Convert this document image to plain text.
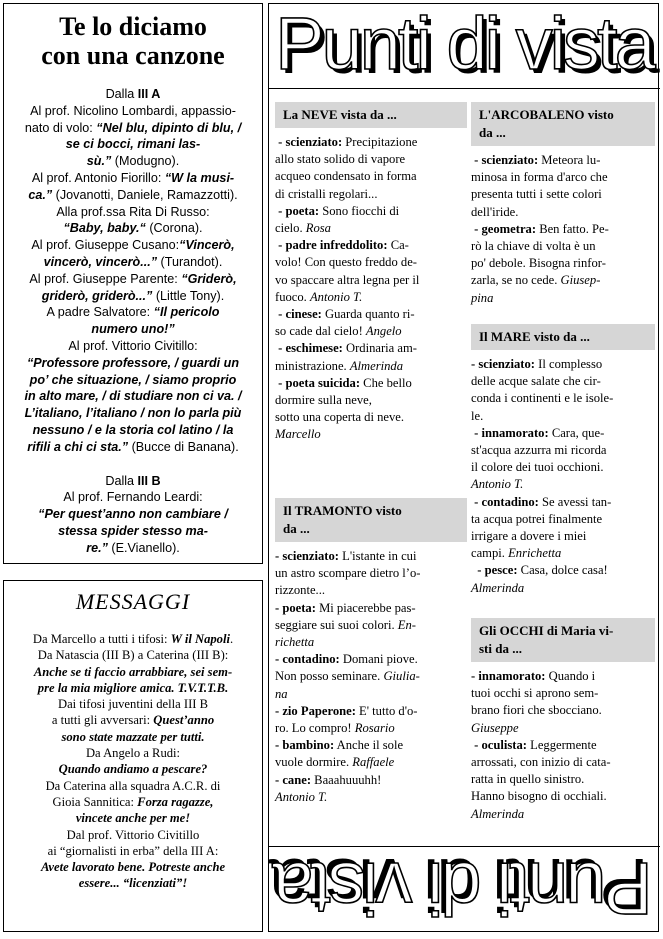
Te lo diciamo
con una canzone

Dalla III A

Al prof. Nicolino Lombardi, appassio-

nato di volo: “Nel blu, dipinto di blu, /

se ci bocci, rimani las-

sù.” (Modugno).

Al prof. Antonio Fiorillo: “W la musi-

ca.” (Jovanotti, Daniele, Ramazzotti).

Alla prof.ssa Rita Di Russo:

“Baby, baby.“ (Corona).

Al prof. Giuseppe Cusano:“Vincerò,

vincerò, vincerò...” (Turandot).

Al prof. Giuseppe Parente: “Griderò,

griderò, griderò...” (Little Tony).

A padre Salvatore: “Il pericolo

numero uno!”

Al prof. Vittorio Civitillo:

“Professore professore, / guardi un

po’ che situazione, / siamo proprio

in alto mare, / di studiare non ci va. /

L’italiano, l’italiano / non lo parla più

nessuno / e la storia col latino / la

rifili a chi ci sta.” (Bucce di Banana).

Dalla III B

Al prof. Fernando Leardi:

“Per quest’anno non cambiare /

stessa spider stesso ma-

re.” (E.Vianello).

MESSAGGI

Da Marcello a tutti i tifosi: W il Napoli.

Da Natascia (III B) a Caterina (III B):

Anche se ti faccio arrabbiare, sei sem-

pre la mia migliore amica. T.V.T.T.B.

Dai tifosi juventini della III B

a tutti gli avversari: Quest’anno

sono state mazzate per tutti.

Da Angelo a Rudi:

Quando andiamo a pescare?

Da Caterina alla squadra A.C.R. di

Gioia Sannitica: Forza ragazze,

vincete anche per me!

Dal prof. Vittorio Civitillo

ai “giornalisti in erba” della III A:

Avete lavorato bene. Potreste anche

essere... “licenziati”!

Punti di vista
Punti di vista
La NEVE vista da ...

- scienziato: Precipitazione

allo stato solido di vapore

acqueo condensato in forma

di cristalli regolari...

- poeta: Sono fiocchi di

cielo. Rosa

- padre infreddolito: Ca-

volo! Con questo freddo de-

vo spaccare altra legna per il

fuoco. Antonio T.

- cinese: Guarda quanto ri-

so cade dal cielo! Angelo

- eschimese: Ordinaria am-

ministrazione. Almerinda

- poeta suicida: Che bello

dormire sulla neve,

sotto una coperta di neve.

Marcello

Il TRAMONTO visto
da ...

- scienziato: L'istante in cui

un astro scompare dietro l’o-

rizzonte...

- poeta: Mi piacerebbe pas-

seggiare sui suoi colori. En-

richetta

- contadino: Domani piove.

Non posso seminare. Giulia-

na

- zio Paperone: E' tutto d'o-

ro. Lo compro! Rosario

- bambino: Anche il sole

vuole dormire. Raffaele

- cane: Baaahuuuhh!

Antonio T.

L'ARCOBALENO visto
da ...

- scienziato: Meteora lu-

minosa in forma d'arco che

presenta tutti i sette colori

dell'iride.

- geometra: Ben fatto. Pe-

rò la chiave di volta è un

po' debole. Bisogna rinfor-

zarla, se no cede. Giusep-

pina

Il MARE visto da ...

- scienziato: Il complesso

delle acque salate che cir-

conda i continenti e le isole-

le.

- innamorato: Cara, que-

st'acqua azzurra mi ricorda

il colore dei tuoi occhioni.

Antonio T.

- contadino: Se avessi tan-

ta acqua potrei finalmente

irrigare a dovere i miei

campi. Enrichetta

- pesce: Casa, dolce casa!

Almerinda

Gli OCCHI di Maria vi-
sti da ...

- innamorato: Quando i

tuoi occhi si aprono sem-

brano fiori che sbocciano.

Giuseppe

- oculista: Leggermente

arrossati, con inizio di cata-

ratta in quello sinistro.

Hanno bisogno di occhiali.

Almerinda
